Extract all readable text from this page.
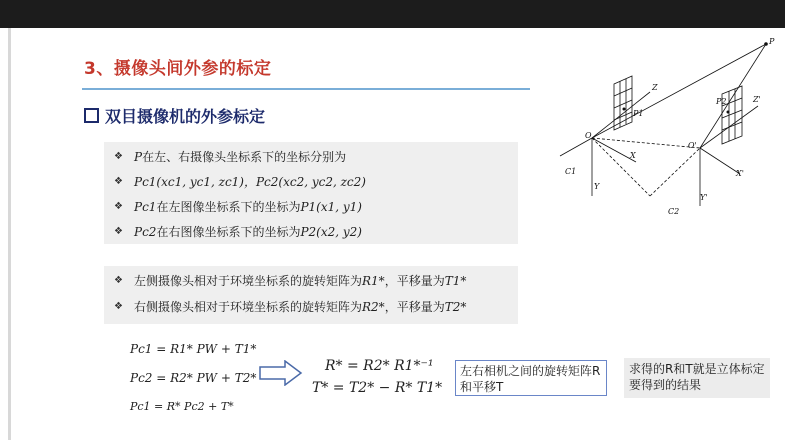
3、摄像头间外参的标定
双目摄像机的外参标定
❖ P在左、右摄像头坐标系下的坐标分别为
❖ Pc1(xc1, yc1, zc1)，Pc2(xc2, yc2, zc2)
❖ Pc1在左图像坐标系下的坐标为P1(x1, y1)
❖ Pc2在右图像坐标系下的坐标为P2(x2, y2)
❖ 左侧摄像头相对于环境坐标系的旋转矩阵为R1*，平移量为T1*
❖ 右侧摄像头相对于环境坐标系的旋转矩阵为R2*，平移量为T2*
Pc1 = R1* PW + T1*
Pc2 = R2* PW + T2*
Pc1 = R* Pc2 + T*
R* = R2* R1*⁻¹
T* = T2* − R* T1*
左右相机之间的旋转矩阵R和平移T
求得的R和T就是立体标定要得到的结果
P
P1
P2
O
O'
X
X'
Y
Y'
Z
Z'
C1
C2
